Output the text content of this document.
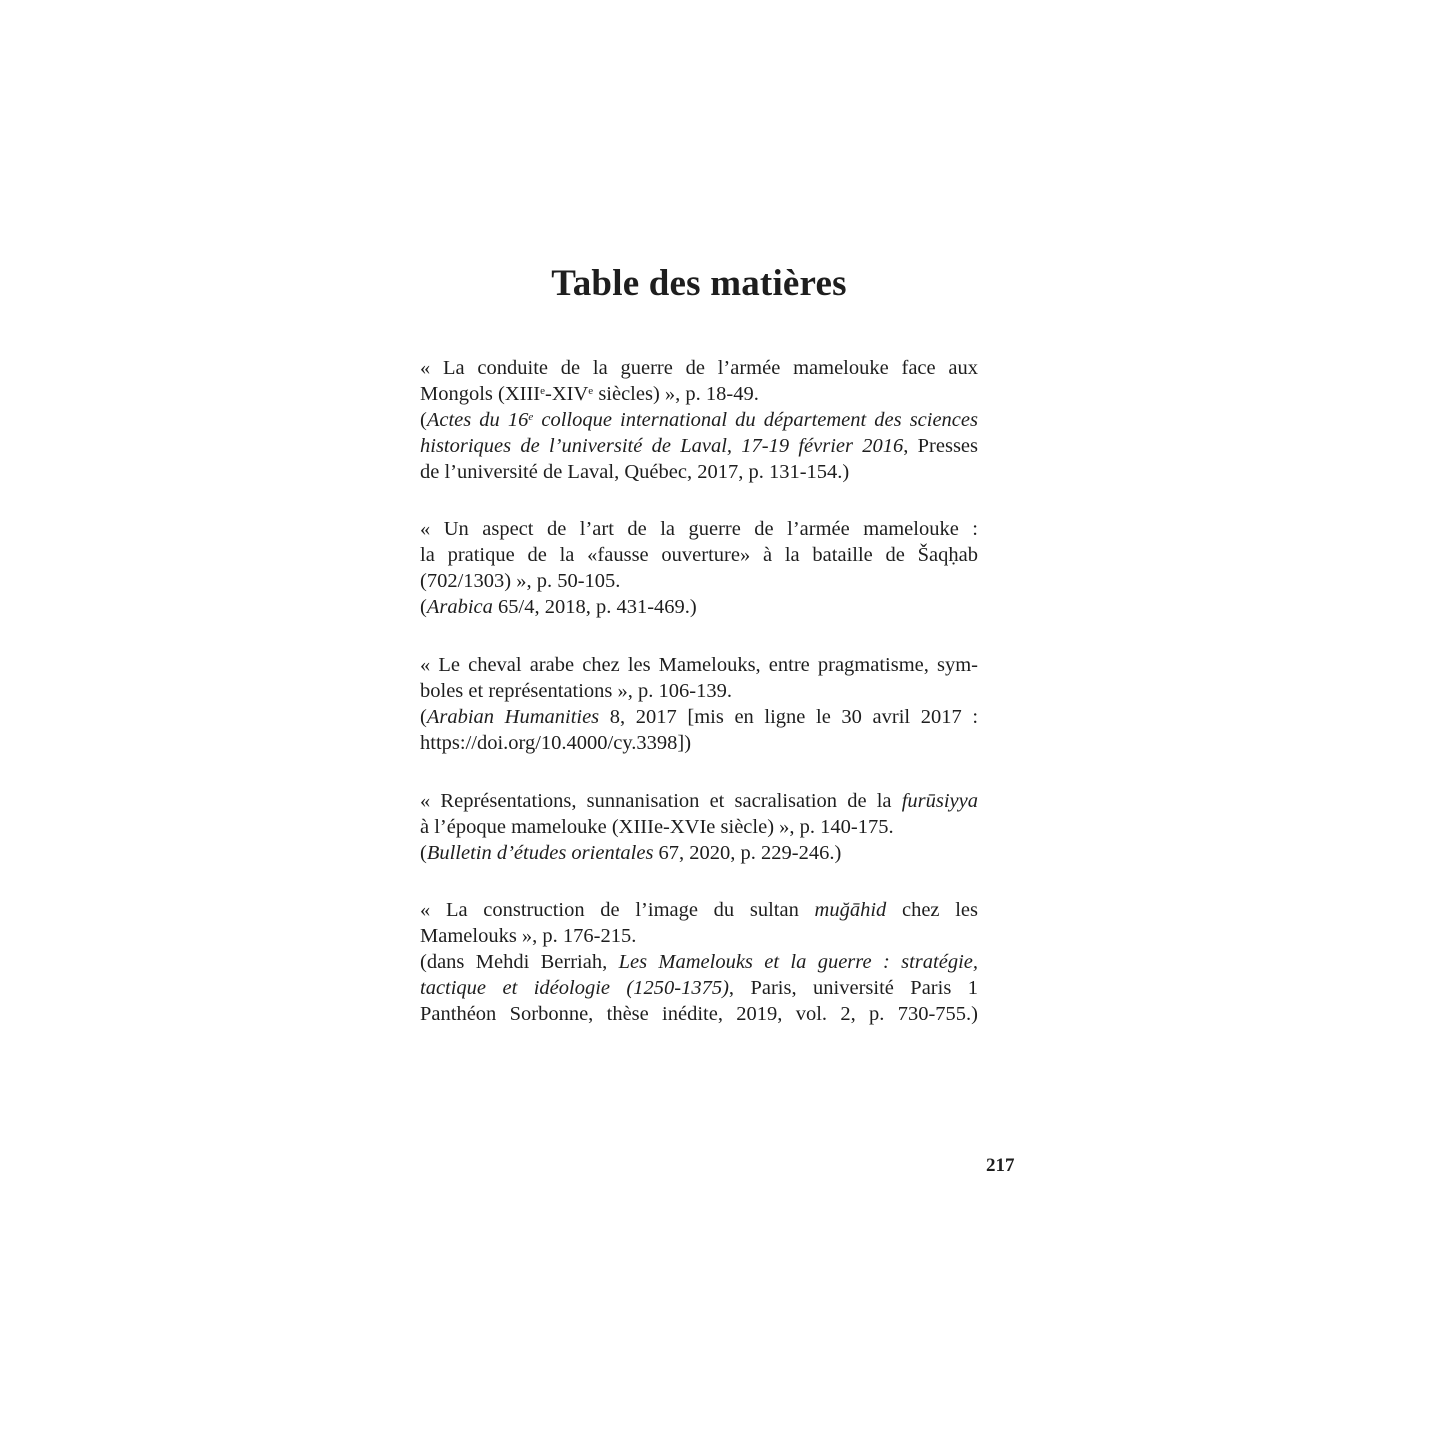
Table des matières
« La conduite de la guerre de l’armée mamelouke face aux
Mongols (XIIIe-XIVe siècles) », p. 18-49.
(Actes du 16e colloque international du département des sciences
historiques de l’université de Laval, 17-19 février 2016, Presses
de l’université de Laval, Québec, 2017, p. 131-154.)
« Un aspect de l’art de la guerre de l’armée mamelouke :
la pratique de la «fausse ouverture» à la bataille de Šaqḥab
(702/1303) », p. 50-105.
(Arabica 65/4, 2018, p. 431-469.)
« Le cheval arabe chez les Mamelouks, entre pragmatisme, sym-
boles et représentations », p. 106-139.
(Arabian Humanities 8, 2017 [mis en ligne le 30 avril 2017 :
https://doi.org/10.4000/cy.3398])
« Représentations, sunnanisation et sacralisation de la furūsiyya
à l’époque mamelouke (XIIIe-XVIe siècle) », p. 140-175.
(Bulletin d’études orientales 67, 2020, p. 229-246.)
« La construction de l’image du sultan muğāhid chez les
Mamelouks », p. 176-215.
(dans Mehdi Berriah, Les Mamelouks et la guerre : stratégie,
tactique et idéologie (1250-1375), Paris, université Paris 1
Panthéon Sorbonne, thèse inédite, 2019, vol. 2, p. 730-755.)
217
